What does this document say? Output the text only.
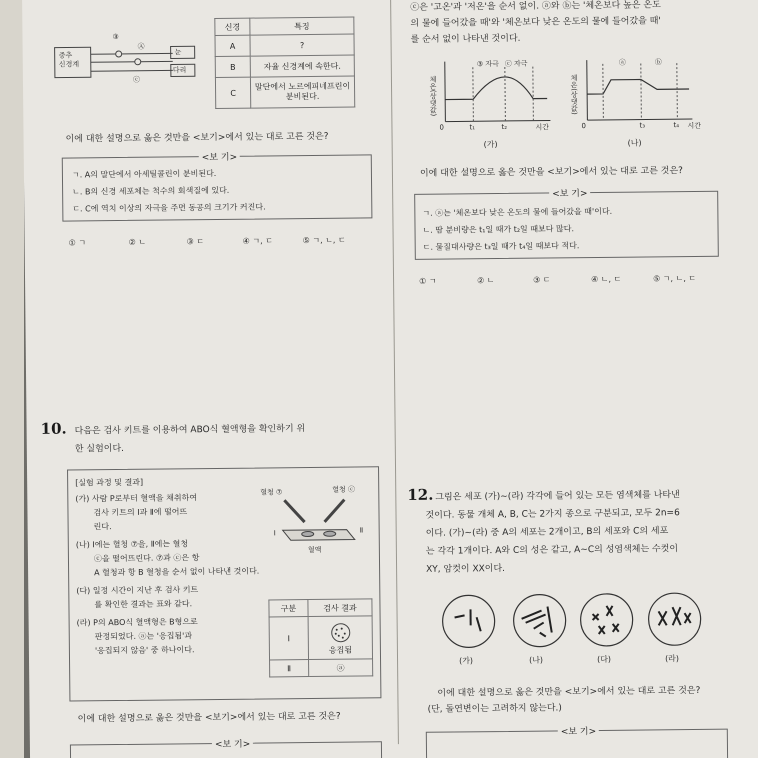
중추
신경계
눈
다리
③
Ⓐ
ⓒ
신경	특징
A	?
B	자율 신경계에 속한다.
C	말단에서 노르에피네프린이 분비된다.
이에 대한 설명으로 옳은 것만을 <보기>에서 있는 대로 고른 것은?
<보 기>
ㄱ. A의 말단에서 아세틸콜린이 분비된다.
ㄴ. B의 신경 세포체는 척수의 회색질에 있다.
ㄷ. C에 역치 이상의 자극을 주면 동공의 크기가 커진다.
① ㄱ	② ㄴ	③ ㄷ	④ ㄱ, ㄷ	⑤ ㄱ, ㄴ, ㄷ
10. 다음은 검사 키트를 이용하여 ABO식 혈액형을 확인하기 위
한 실험이다.
[실험 과정 및 결과]
(가) 사람 P로부터 혈액을 채취하여
검사 키트의 Ⅰ과 Ⅱ에 떨어뜨
린다.
(나) Ⅰ에는 혈청 ⑦을, Ⅱ에는 혈청
ⓒ을 떨어뜨린다. ⑦과 ⓒ은 항
A 혈청과 항 B 혈청을 순서 없이 나타낸 것이다.
(다) 일정 시간이 지난 후 검사 키트
를 확인한 결과는 표와 같다.
(라) P의 ABO식 혈액형은 B형으로
판정되었다. ⓐ는 '응집됨'과
'응집되지 않음' 중 하나이다.
혈청 ⑦	혈청 ⓒ
Ⅰ	Ⅱ
혈액
구분	검사 결과
Ⅰ	응집됨

Ⅱ	ⓐ
이에 대한 설명으로 옳은 것만을 <보기>에서 있는 대로 고른 것은?
<보 기>
ⓒ은 '고온'과 '저온'을 순서 없이. ⓐ와 ⓑ는 '체온보다 높은 온도
의 물에 들어갔을 때'와 '체온보다 낮은 온도의 물에 들어갔을 때'
를 순서 없이 나타낸 것이다.
체온(상댓값)
③ 자극 ⓒ 자극
0	t₁	t₂	시간
(가)
체온(상댓값)
ⓐ	ⓑ
0	t₃	t₄ 시간
(나)
이에 대한 설명으로 옳은 것만을 <보기>에서 있는 대로 고른 것은?
<보 기>
ㄱ. ⓐ는 '체온보다 낮은 온도의 물에 들어갔을 때'이다.
ㄴ. 땀 분비량은 t₁일 때가 t₂일 때보다 많다.
ㄷ. 물질대사량은 t₃일 때가 t₄일 때보다 적다.
① ㄱ	② ㄴ	③ ㄷ	④ ㄴ, ㄷ	⑤ ㄱ, ㄴ, ㄷ
12. 그림은 세포 (가)~(라) 각각에 들어 있는 모든 염색체를 나타낸
것이다. 동물 개체 A, B, C는 2가지 종으로 구분되고, 모두 2n=6
이다. (가)~(라) 중 A의 세포는 2개이고, B의 세포와 C의 세포
는 각각 1개이다. A와 C의 성은 같고, A~C의 성염색체는 수컷이
XY, 암컷이 XX이다.
(가)	(나)	(다)	(라)
이에 대한 설명으로 옳은 것만을 <보기>에서 있는 대로 고른 것은?
(단, 돌연변이는 고려하지 않는다.)
<보 기>
